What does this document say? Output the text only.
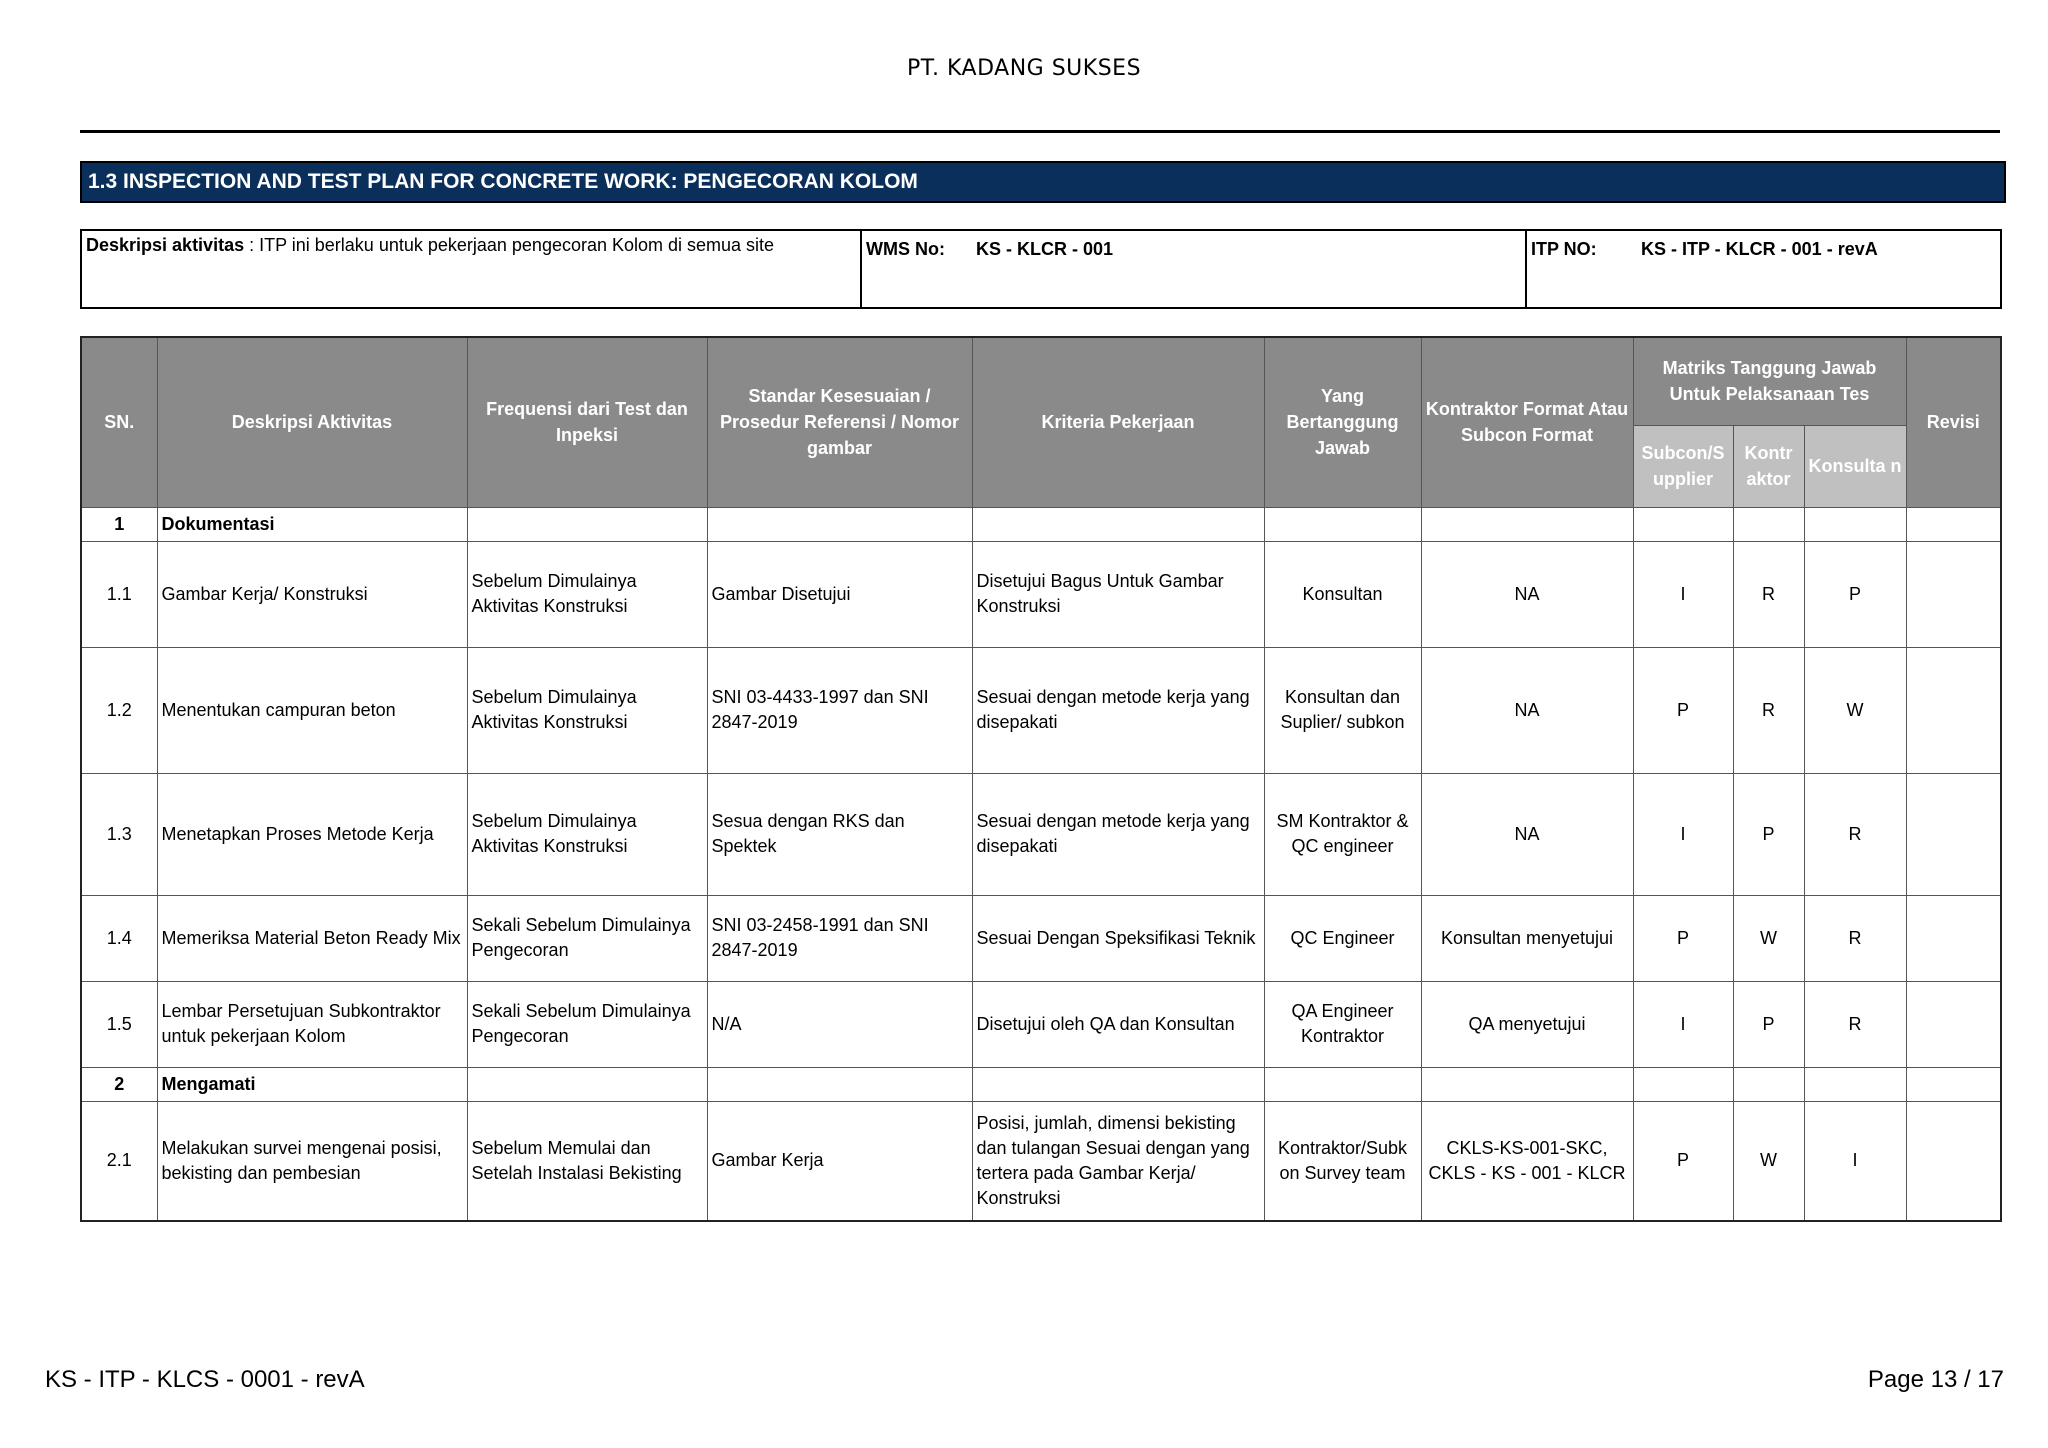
PT. KADANG SUKSES
1.3 INSPECTION AND TEST PLAN FOR CONCRETE WORK: PENGECORAN KOLOM
Deskripsi aktivitas : ITP ini berlaku untuk pekerjaan pengecoran Kolom di semua site	WMS No: KS - KLCR - 001	ITP NO: KS - ITP - KLCR - 001 - revA
SN.	Deskripsi Aktivitas	Frequensi dari Test dan Inpeksi	Standar Kesesuaian / Prosedur Referensi / Nomor gambar	Kriteria Pekerjaan	Yang Bertanggung Jawab	Kontraktor Format Atau Subcon Format	Matriks Tanggung Jawab Untuk Pelaksanaan Tes			Revisi
							Subcon/S upplier	Kontr aktor	Konsulta n	
1	Dokumentasi									
1.1	Gambar Kerja/ Konstruksi	Sebelum Dimulainya Aktivitas Konstruksi	Gambar Disetujui	Disetujui Bagus Untuk Gambar Konstruksi	Konsultan	NA	I	R	P	
1.2	Menentukan campuran beton	Sebelum Dimulainya Aktivitas Konstruksi	SNI 03-4433-1997 dan SNI 2847-2019	Sesuai dengan metode kerja yang disepakati	Konsultan dan Suplier/ subkon	NA	P	R	W	
1.3	Menetapkan Proses Metode Kerja	Sebelum Dimulainya Aktivitas Konstruksi	Sesua dengan RKS dan Spektek	Sesuai dengan metode kerja yang disepakati	SM Kontraktor & QC engineer	NA	I	P	R	
1.4	Memeriksa Material Beton Ready Mix	Sekali Sebelum Dimulainya Pengecoran	SNI 03-2458-1991 dan SNI 2847-2019	Sesuai Dengan Speksifikasi Teknik	QC Engineer	Konsultan menyetujui	P	W	R	
1.5	Lembar Persetujuan Subkontraktor untuk pekerjaan Kolom	Sekali Sebelum Dimulainya Pengecoran	N/A	Disetujui oleh QA dan Konsultan	QA Engineer Kontraktor	QA menyetujui	I	P	R	
2	Mengamati									
2.1	Melakukan survei mengenai posisi, bekisting dan pembesian	Sebelum Memulai dan Setelah Instalasi Bekisting	Gambar Kerja	Posisi, jumlah, dimensi bekisting dan tulangan Sesuai dengan yang tertera pada Gambar Kerja/ Konstruksi	Kontraktor/Subk on Survey team	CKLS-KS-001-SKC, CKLS - KS - 001 - KLCR	P	W	I	
KS - ITP - KLCS - 0001 - revA	Page 13 / 17
